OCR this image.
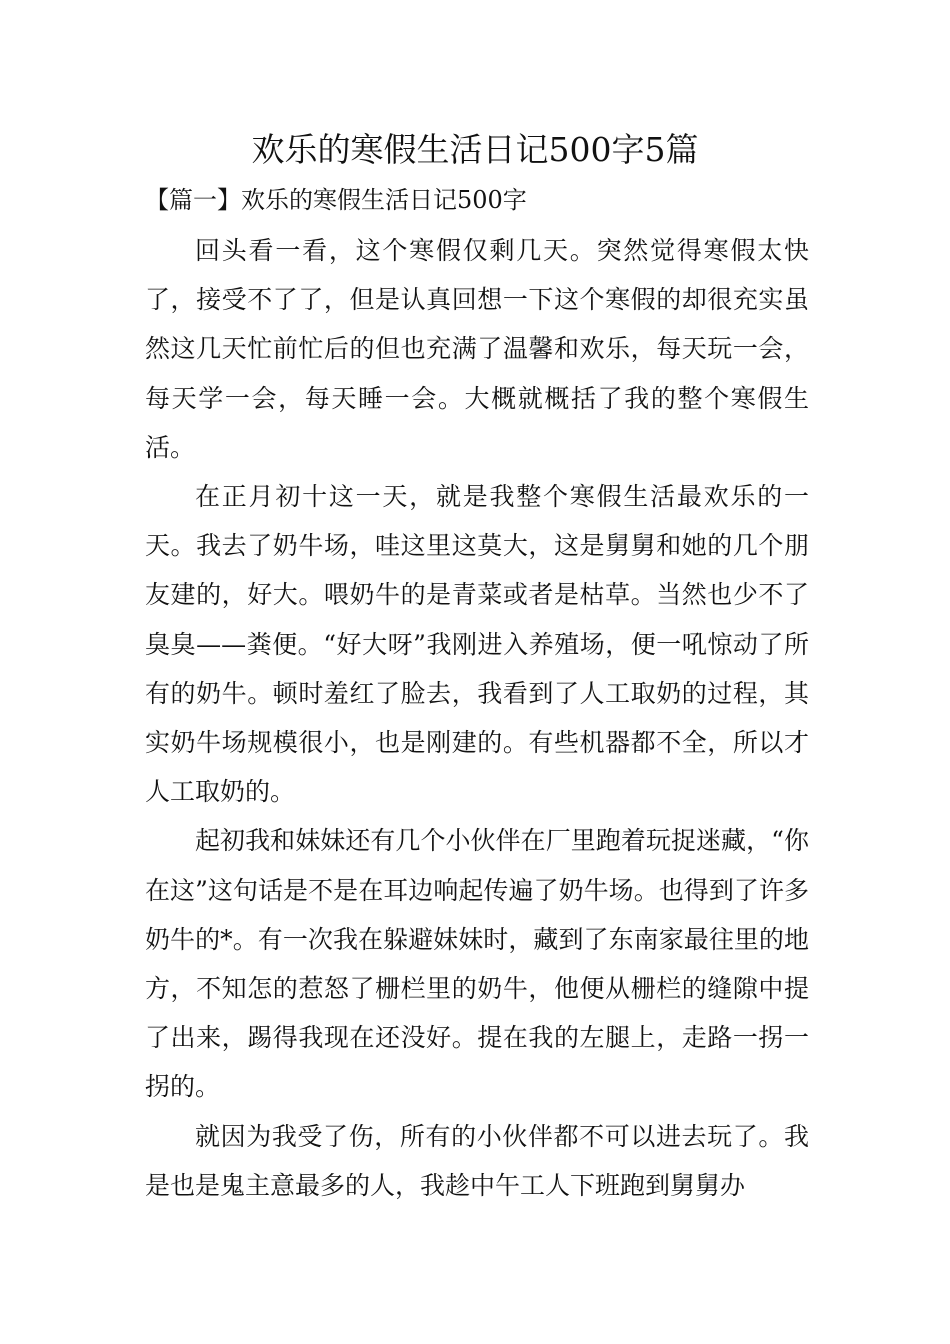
欢乐的寒假生活日记500字5篇
【篇一】欢乐的寒假生活日记500字

回头看一看，这个寒假仅剩几天。突然觉得寒假太快了，接受不了了，但是认真回想一下这个寒假的却很充实虽然这几天忙前忙后的但也充满了温馨和欢乐，每天玩一会，每天学一会，每天睡一会。大概就概括了我的整个寒假生活。

在正月初十这一天，就是我整个寒假生活最欢乐的一天。我去了奶牛场，哇这里这莫大，这是舅舅和她的几个朋友建的，好大。喂奶牛的是青菜或者是枯草。当然也少不了臭臭——粪便。“好大呀”我刚进入养殖场，便一吼惊动了所有的奶牛。顿时羞红了脸去，我看到了人工取奶的过程，其实奶牛场规模很小，也是刚建的。有些机器都不全，所以才人工取奶的。

起初我和妹妹还有几个小伙伴在厂里跑着玩捉迷藏，“你在这”这句话是不是在耳边响起传遍了奶牛场。也得到了许多奶牛的*。有一次我在躲避妹妹时，藏到了东南家最往里的地方，不知怎的惹怒了栅栏里的奶牛，他便从栅栏的缝隙中提了出来，踢得我现在还没好。提在我的左腿上，走路一拐一拐的。

就因为我受了伤，所有的小伙伴都不可以进去玩了。我是也是鬼主意最多的人，我趁中午工人下班跑到舅舅办
